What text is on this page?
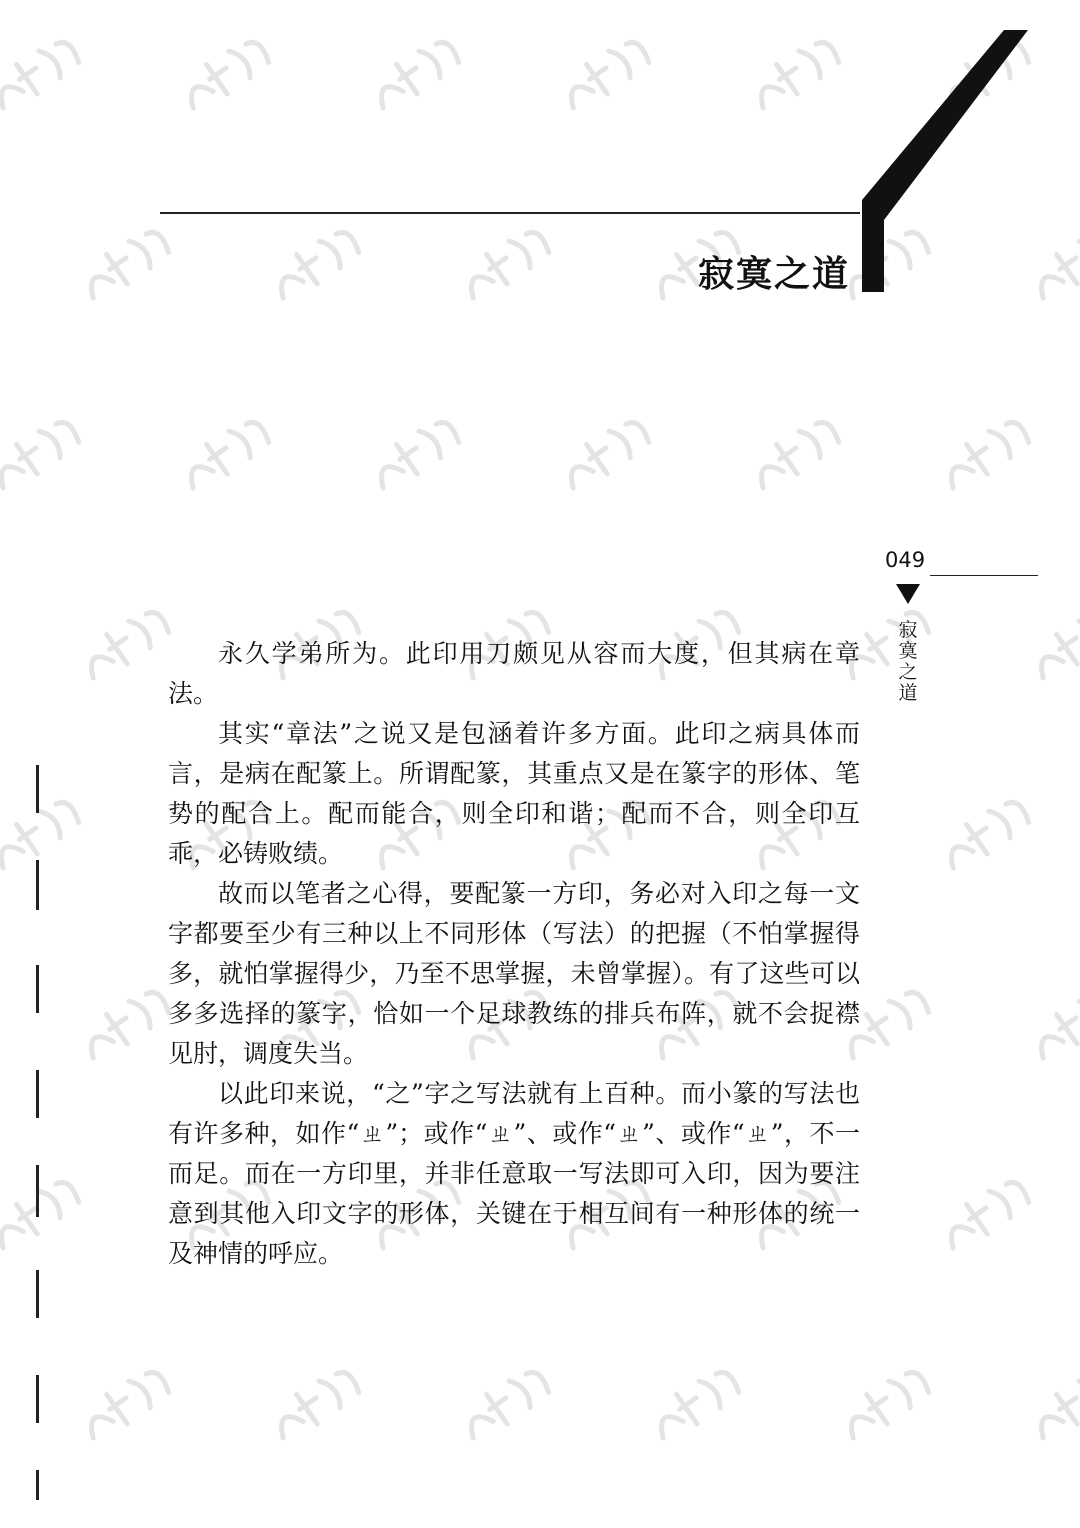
寂寞之道
049
寂寞之道

永久学弟所为。此印用刀颇见从容而大度，但其病在章法。

其实“章法”之说又是包涵着许多方面。此印之病具体而言，是病在配篆上。所谓配篆，其重点又是在篆字的形体、笔势的配合上。配而能合，则全印和谐；配而不合，则全印互乖，必铸败绩。

故而以笔者之心得，要配篆一方印，务必对入印之每一文字都要至少有三种以上不同形体（写法）的把握（不怕掌握得多，就怕掌握得少，乃至不思掌握，未曾掌握）。有了这些可以多多选择的篆字，恰如一个足球教练的排兵布阵，就不会捉襟见肘，调度失当。

以此印来说，“之”字之写法就有上百种。而小篆的写法也有许多种，如作“ㄓ”；或作“ㄓ”、或作“ㄓ”、或作“ㄓ”，不一而足。而在一方印里，并非任意取一写法即可入印，因为要注意到其他入印文字的形体，关键在于相互间有一种形体的统一及神情的呼应。
